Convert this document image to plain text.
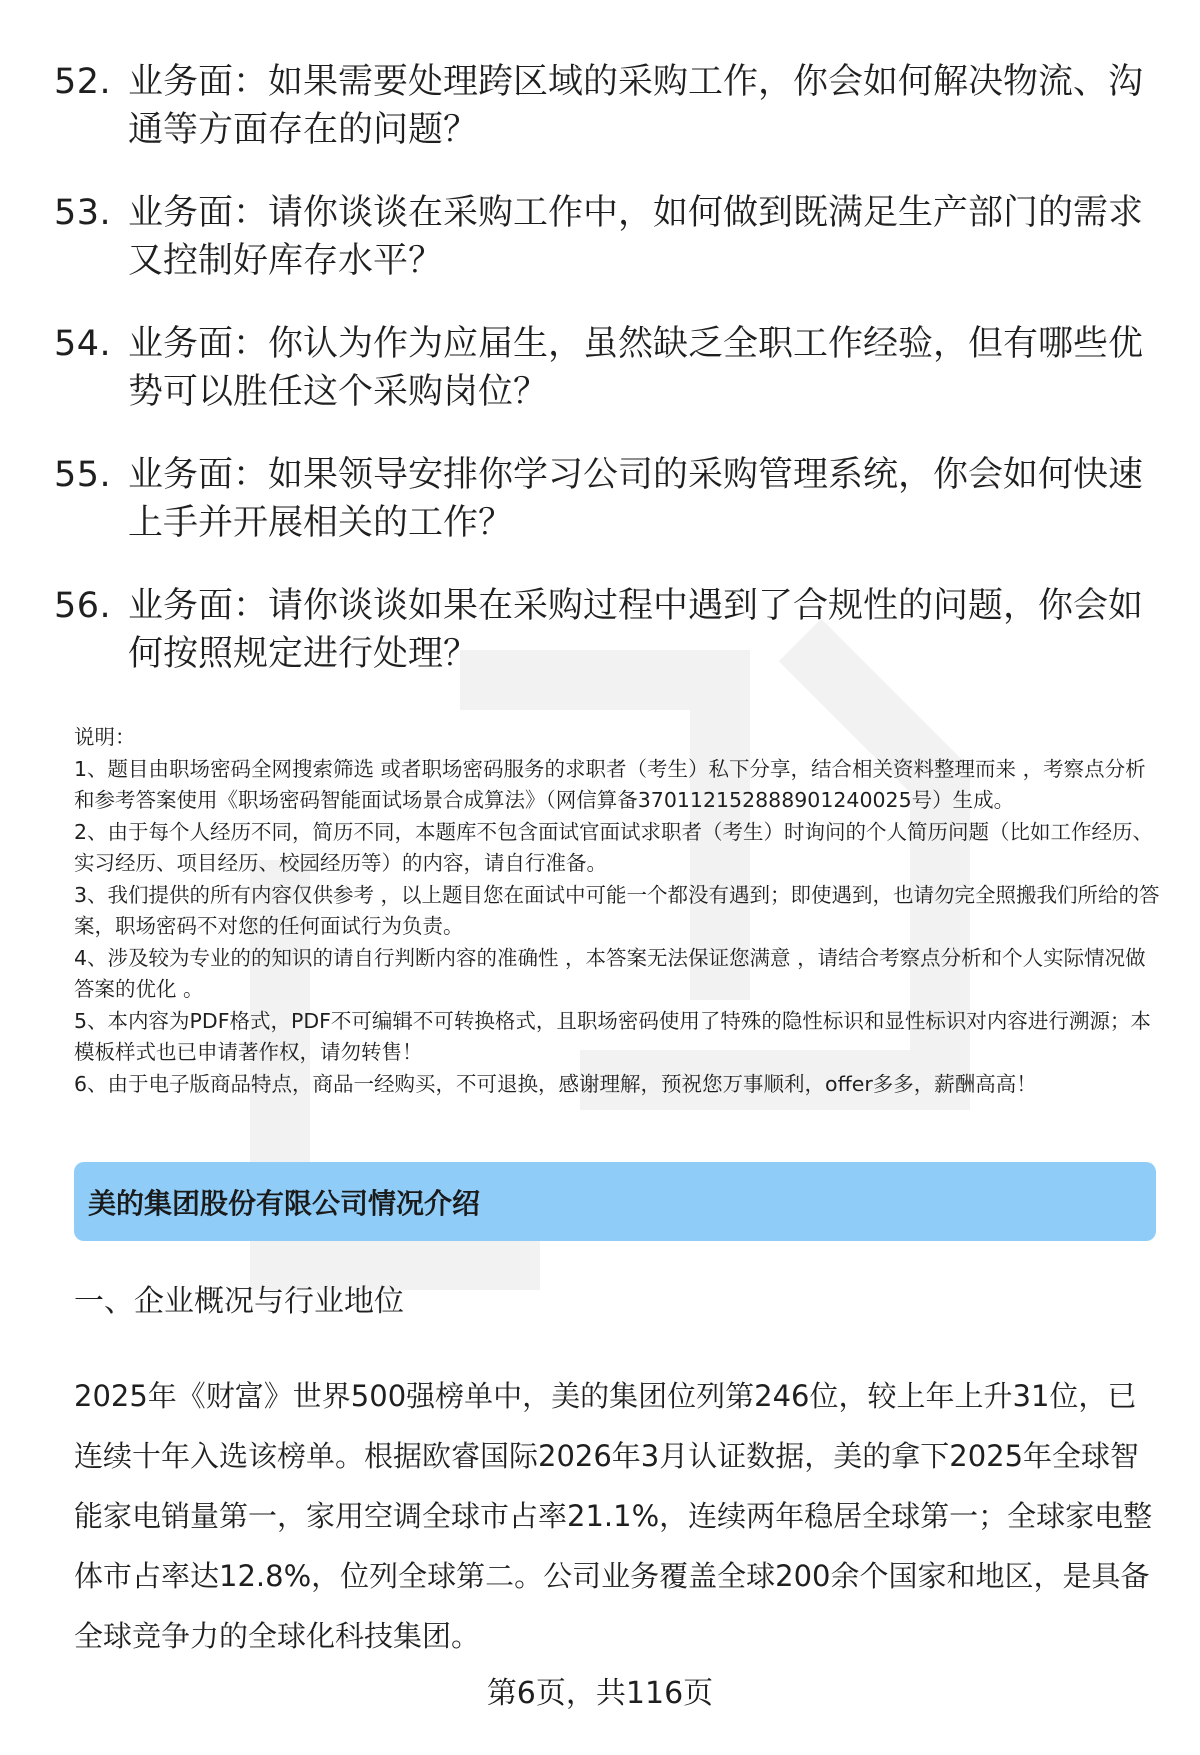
52. 业务面：如果需要处理跨区域的采购工作，你会如何解决物流、沟通等方面存在的问题？
53. 业务面：请你谈谈在采购工作中，如何做到既满足生产部门的需求又控制好库存水平？
54. 业务面：你认为作为应届生，虽然缺乏全职工作经验，但有哪些优势可以胜任这个采购岗位？
55. 业务面：如果领导安排你学习公司的采购管理系统，你会如何快速上手并开展相关的工作？
56. 业务面：请你谈谈如果在采购过程中遇到了合规性的问题，你会如何按照规定进行处理？

说明：

1、题目由职场密码全网搜索筛选 或者职场密码服务的求职者（考生）私下分享，结合相关资料整理而来 ，考察点分析和参考答案使用《职场密码智能面试场景合成算法》（网信算备370112152888901240025号）生成。

2、由于每个人经历不同，简历不同，本题库不包含面试官面试求职者（考生）时询问的个人简历问题（比如工作经历、实习经历、项目经历、校园经历等）的内容，请自行准备。

3、我们提供的所有内容仅供参考 ，以上题目您在面试中可能一个都没有遇到；即使遇到，也请勿完全照搬我们所给的答案，职场密码不对您的任何面试行为负责。

4、涉及较为专业的的知识的请自行判断内容的准确性 ，本答案无法保证您满意 ，请结合考察点分析和个人实际情况做答案的优化 。

5、本内容为PDF格式，PDF不可编辑不可转换格式，且职场密码使用了特殊的隐性标识和显性标识对内容进行溯源；本模板样式也已申请著作权，请勿转售！

6、由于电子版商品特点，商品一经购买，不可退换，感谢理解，预祝您万事顺利，offer多多，薪酬高高！

美的集团股份有限公司情况介绍
一、企业概况与行业地位
2025年《财富》世界500强榜单中，美的集团位列第246位，较上年上升31位，已连续十年入选该榜单。根据欧睿国际2026年3月认证数据，美的拿下2025年全球智能家电销量第一，家用空调全球市占率21.1%，连续两年稳居全球第一；全球家电整体市占率达12.8%，位列全球第二。公司业务覆盖全球200余个国家和地区，是具备全球竞争力的全球化科技集团。
第6页，共116页
